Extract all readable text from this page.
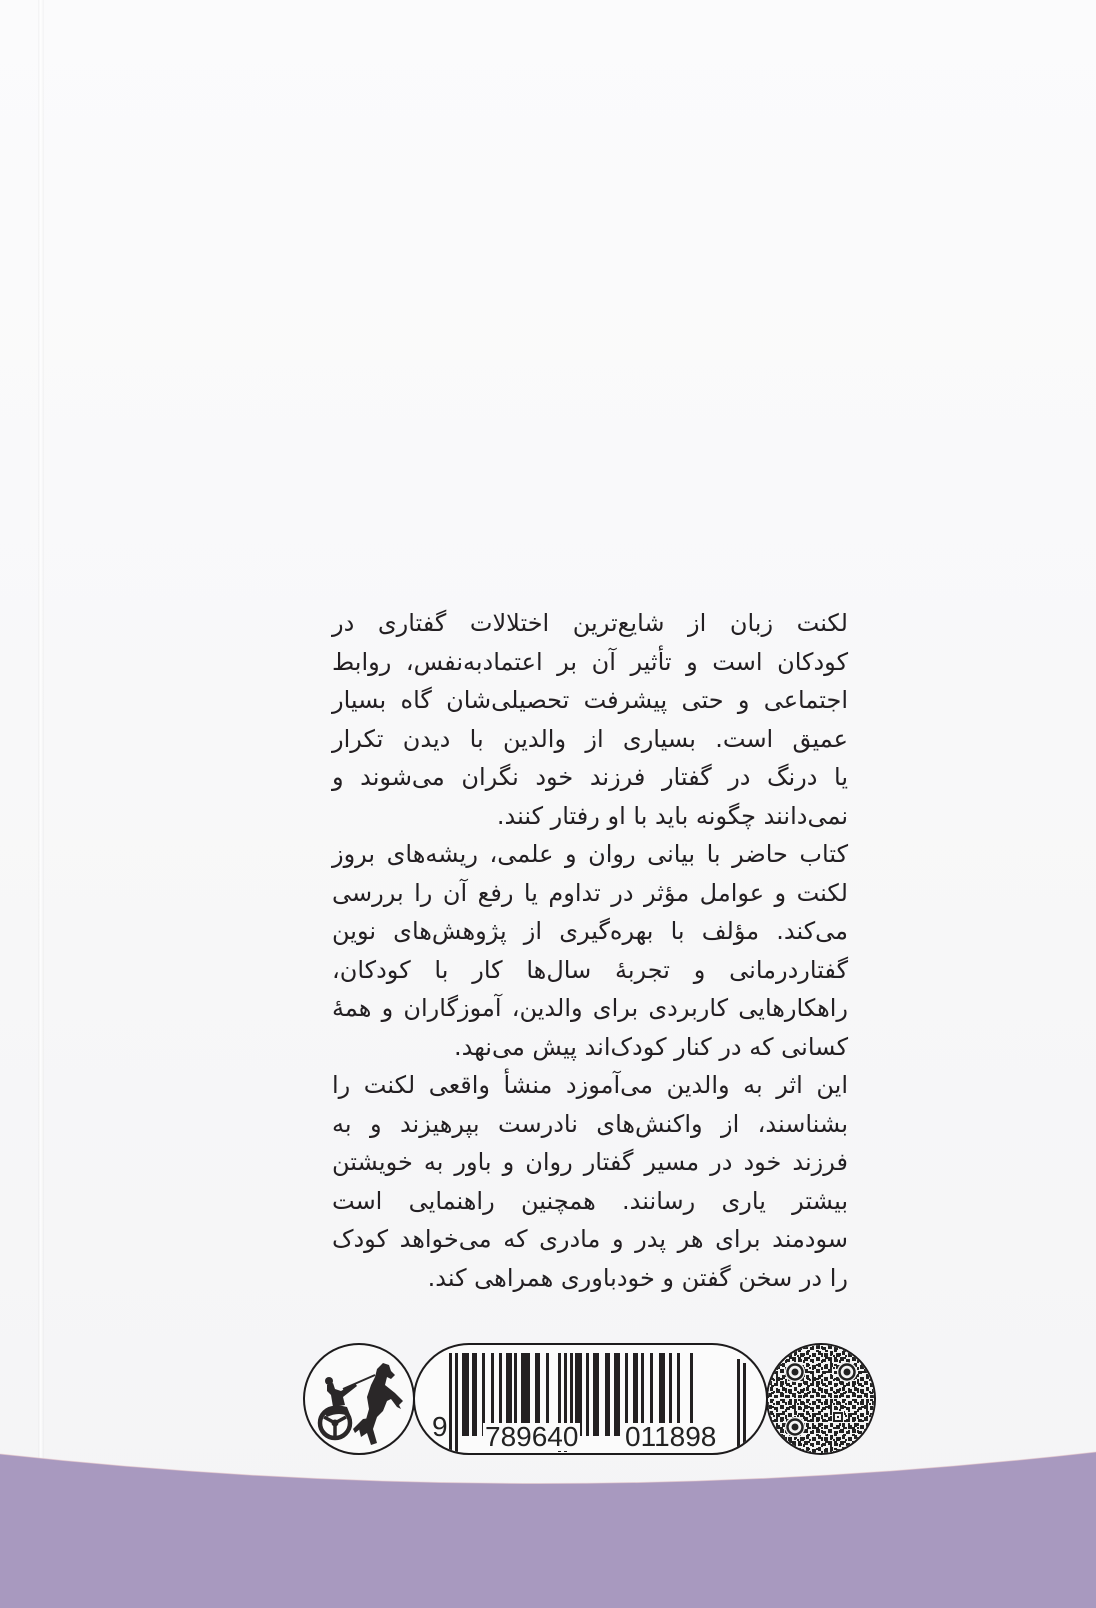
لکنت زبان از شایع‌ترین اختلالات گفتاری در
کودکان است و تأثیر آن بر اعتمادبه‌نفس، روابط
اجتماعی و حتی پیشرفت تحصیلی‌شان گاه بسیار
عمیق است. بسیاری از والدین با دیدن تکرار
یا درنگ در گفتار فرزند خود نگران می‌شوند و
نمی‌دانند چگونه باید با او رفتار کنند.
کتاب حاضر با بیانی روان و علمی، ریشه‌های بروز
لکنت و عوامل مؤثر در تداوم یا رفع آن را بررسی
می‌کند. مؤلف با بهره‌گیری از پژوهش‌های نوین
گفتاردرمانی و تجربهٔ سال‌ها کار با کودکان،
راهکارهایی کاربردی برای والدین، آموزگاران و همهٔ
کسانی که در کنار کودک‌اند پیش می‌نهد.
این اثر به والدین می‌آموزد منشأ واقعی لکنت را
بشناسند، از واکنش‌های نادرست بپرهیزند و به
فرزند خود در مسیر گفتار روان و باور به خویشتن
بیشتر یاری رسانند. همچنین راهنمایی است
سودمند برای هر پدر و مادری که می‌خواهد کودک
را در سخن گفتن و خودباوری همراهی کند.
9 789640 011898
